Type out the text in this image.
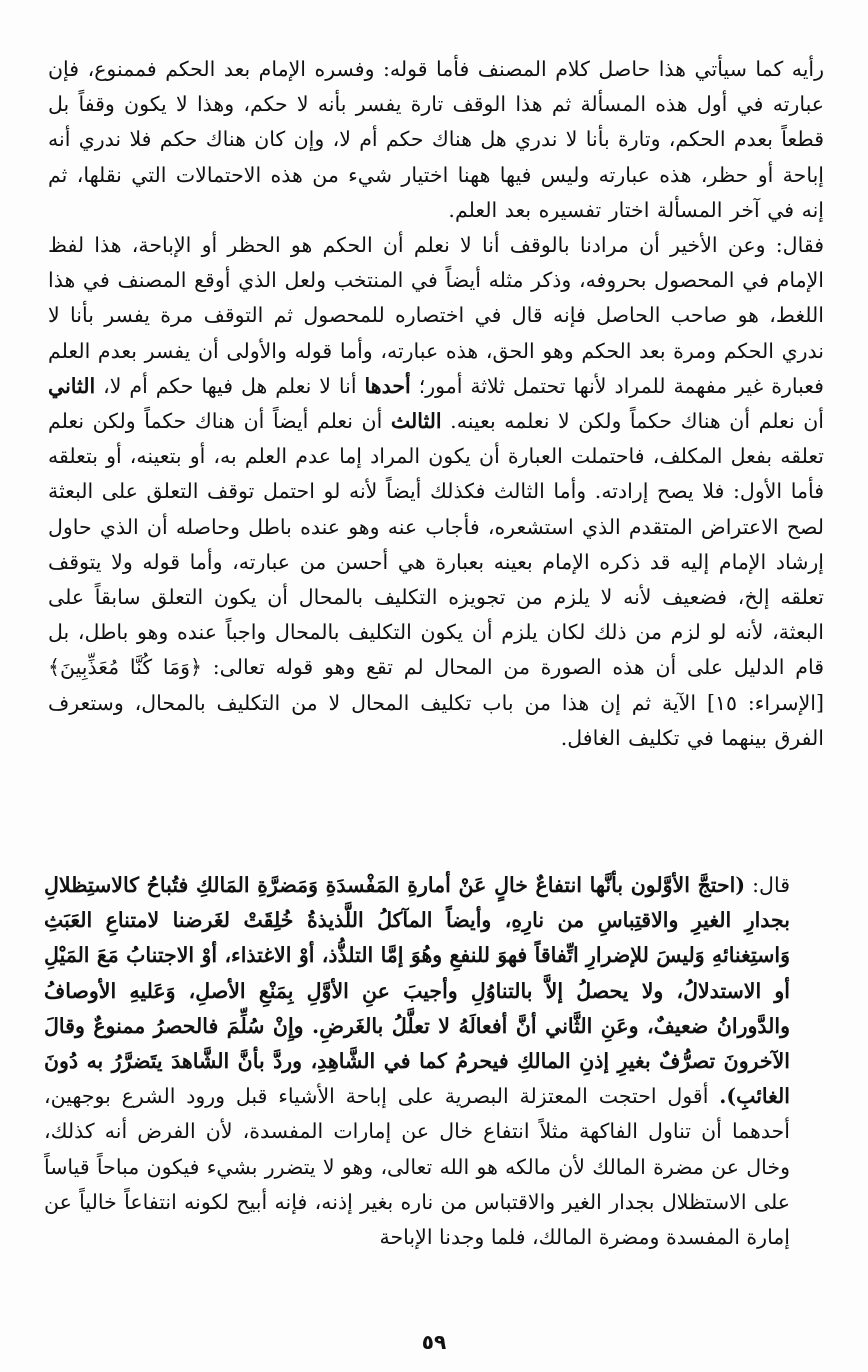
رأيه كما سيأتي هذا حاصل كلام المصنف فأما قوله: وفسره الإمام بعد الحكم فممنوع، فإن عبارته في أول هذه المسألة ثم هذا الوقف تارة يفسر بأنه لا حكم، وهذا لا يكون وقفاً بل قطعاً بعدم الحكم، وتارة بأنا لا ندري هل هناك حكم أم لا، وإن كان هناك حكم فلا ندري أنه إباحة أو حظر، هذه عبارته وليس فيها ههنا اختيار شيء من هذه الاحتمالات التي نقلها، ثم إنه في آخر المسألة اختار تفسيره بعد العلم.

فقال: وعن الأخير أن مرادنا بالوقف أنا لا نعلم أن الحكم هو الحظر أو الإباحة، هذا لفظ الإمام في المحصول بحروفه، وذكر مثله أيضاً في المنتخب ولعل الذي أوقع المصنف في هذا اللغط، هو صاحب الحاصل فإنه قال في اختصاره للمحصول ثم التوقف مرة يفسر بأنا لا ندري الحكم ومرة بعد الحكم وهو الحق، هذه عبارته، وأما قوله والأولى أن يفسر بعدم العلم فعبارة غير مفهمة للمراد لأنها تحتمل ثلاثة أمور؛ أحدها أنا لا نعلم هل فيها حكم أم لا، الثاني أن نعلم أن هناك حكماً ولكن لا نعلمه بعينه. الثالث أن نعلم أيضاً أن هناك حكماً ولكن نعلم تعلقه بفعل المكلف، فاحتملت العبارة أن يكون المراد إما عدم العلم به، أو بتعينه، أو بتعلقه فأما الأول: فلا يصح إرادته. وأما الثالث فكذلك أيضاً لأنه لو احتمل توقف التعلق على البعثة لصح الاعتراض المتقدم الذي استشعره، فأجاب عنه وهو عنده باطل وحاصله أن الذي حاول إرشاد الإمام إليه قد ذكره الإمام بعينه بعبارة هي أحسن من عبارته، وأما قوله ولا يتوقف تعلقه إلخ، فضعيف لأنه لا يلزم من تجويزه التكليف بالمحال أن يكون التعلق سابقاً على البعثة، لأنه لو لزم من ذلك لكان يلزم أن يكون التكليف بالمحال واجباً عنده وهو باطل، بل قام الدليل على أن هذه الصورة من المحال لم تقع وهو قوله تعالى: ﴿وَمَا كُنَّا مُعَذِّبِينَ﴾ [الإسراء: ١٥] الآية ثم إن هذا من باب تكليف المحال لا من التكليف بالمحال، وستعرف الفرق بينهما في تكليف الغافل.

قال: (احتجَّ الأوَّلون بأنَّها انتفاعٌ خالٍ عَنْ أمارةِ المَفْسدَةِ وَمَضرَّةِ المَالكِ فتُباحُ كالاستِظلالِ بجدارِ الغيرِ والاقتِباسِ من نارِهِ، وأيضاً المآكلُ اللَّذيذةُ خُلِقَتْ لغَرضنا لامتناعِ العَبَثِ وَاستِغنائهِ وَليسَ للإضرارِ اتِّفاقاً فهوَ للنفعِ وهُوَ إمَّا التلذُّذ، أوْ الاغتذاء، أوْ الاجتنابُ مَعَ المَيْلِ أو الاستدلالُ، ولا يحصلُ إلاَّ بالتناوُلِ وأجيبَ عنِ الأوَّلِ بِمَنْعِ الأصلِ، وَعَليهِ الأوصافُ والدَّورانُ ضعيفٌ، وعَنِ الثَّاني أنَّ أفعالَهُ لا تعلَّلُ بالغَرضِ. وإِنْ سُلِّمَ فالحصرُ ممنوعٌ وقالَ الآخرونَ تصرُّفٌ بغيرِ إذنِ المالكِ فيحرمُ كما في الشَّاهِدِ، وردَّ بأنَّ الشَّاهدَ يتَضرَّرُ به دُونَ الغائبِ). أقول احتجت المعتزلة البصرية على إباحة الأشياء قبل ورود الشرع بوجهين، أحدهما أن تناول الفاكهة مثلاً انتفاع خال عن إمارات المفسدة، لأن الفرض أنه كذلك، وخال عن مضرة المالك لأن مالكه هو الله تعالى، وهو لا يتضرر بشيء فيكون مباحاً قياساً على الاستظلال بجدار الغير والاقتباس من ناره بغير إذنه، فإنه أبيح لكونه انتفاعاً خالياً عن إمارة المفسدة ومضرة المالك، فلما وجدنا الإباحة

٥٩
